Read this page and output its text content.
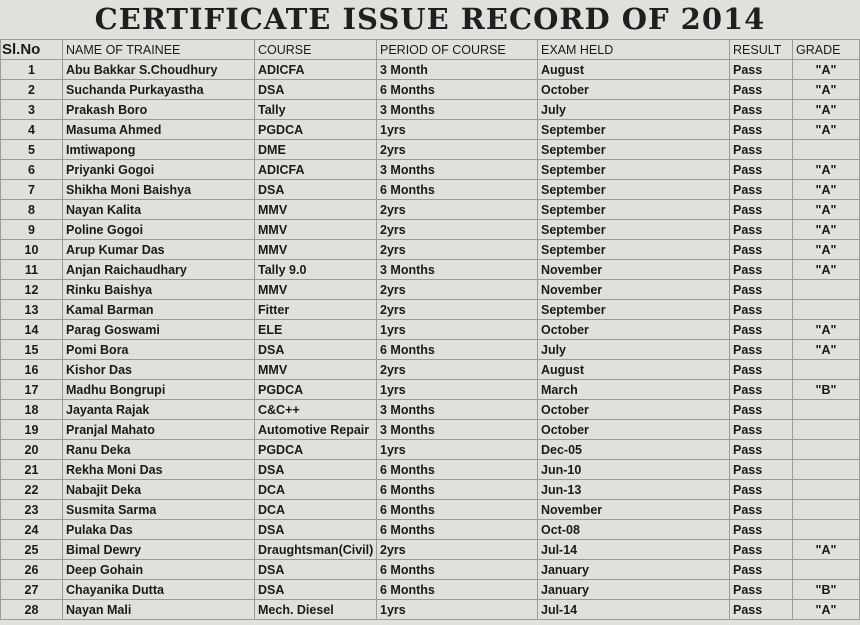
CERTIFICATE ISSUE RECORD OF 2014
Sl.No	NAME OF TRAINEE	COURSE	PERIOD OF COURSE	EXAM HELD	RESULT	GRADE
1	Abu Bakkar S.Choudhury	ADICFA	3 Month	August	Pass	"A"
2	Suchanda Purkayastha	DSA	6 Months	October	Pass	"A"
3	Prakash Boro	Tally	3 Months	July	Pass	"A"
4	Masuma Ahmed	PGDCA	1yrs	September	Pass	"A"
5	Imtiwapong	DME	2yrs	September	Pass	
6	Priyanki Gogoi	ADICFA	3 Months	September	Pass	"A"
7	Shikha Moni Baishya	DSA	6 Months	September	Pass	"A"
8	Nayan Kalita	MMV	2yrs	September	Pass	"A"
9	Poline Gogoi	MMV	2yrs	September	Pass	"A"
10	Arup Kumar Das	MMV	2yrs	September	Pass	"A"
11	Anjan Raichaudhary	Tally 9.0	3 Months	November	Pass	"A"
12	Rinku Baishya	MMV	2yrs	November	Pass	
13	Kamal Barman	Fitter	2yrs	September	Pass	
14	Parag Goswami	ELE	1yrs	October	Pass	"A"
15	Pomi Bora	DSA	6 Months	July	Pass	"A"
16	Kishor Das	MMV	2yrs	August	Pass	
17	Madhu Bongrupi	PGDCA	1yrs	March	Pass	"B"
18	Jayanta Rajak	C&C++	3 Months	October	Pass	
19	Pranjal Mahato	Automotive Repair	3 Months	October	Pass	
20	Ranu Deka	PGDCA	1yrs	Dec-05	Pass	
21	Rekha Moni Das	DSA	6 Months	Jun-10	Pass	
22	Nabajit Deka	DCA	6 Months	Jun-13	Pass	
23	Susmita Sarma	DCA	6 Months	November	Pass	
24	Pulaka Das	DSA	6 Months	Oct-08	Pass	
25	Bimal Dewry	Draughtsman(Civil)	2yrs	Jul-14	Pass	"A"
26	Deep Gohain	DSA	6 Months	January	Pass	
27	Chayanika Dutta	DSA	6 Months	January	Pass	"B"
28	Nayan Mali	Mech. Diesel	1yrs	Jul-14	Pass	"A"
